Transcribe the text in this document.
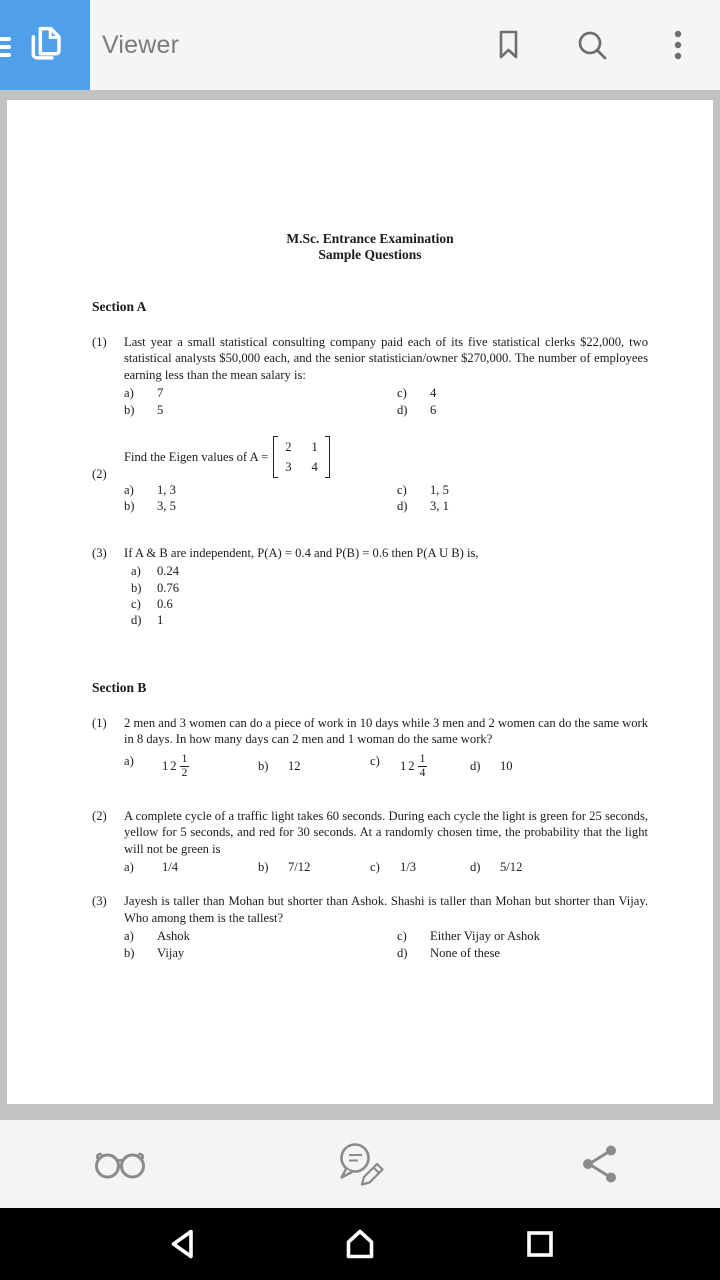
Viewer
M.Sc. Entrance Examination
Sample Questions
Section A
(1)	Last year a small statistical consulting company paid each of its five statistical clerks $22,000, two statistical analysts $50,000 each, and the senior statistician/owner $270,000. The number of employees earning less than the mean salary is:
a)	7	c)	4
b)	5	d)	6
(2)
Find the Eigen values of A =
2 1
3 4
a)	1, 3	c)	1, 5
b)	3, 5	d)	3, 1
(3)	If A & B are independent, P(A) = 0.4 and P(B) = 0.6 then P(A U B) is,
a)	0.24
b)	0.76
c)	0.6
d)	1
Section B
(1)	2 men and 3 women can do a piece of work in 10 days while 3 men and 2 women can do the same work in 8 days. In how many days can 2 men and 1 woman do the same work?
a)	$12 \frac{1}{2}$	b)	12	c)	$12 \frac{1}{4}$	d)	10
(2)	A complete cycle of a traffic light takes 60 seconds. During each cycle the light is green for 25 seconds, yellow for 5 seconds, and red for 30 seconds. At a randomly chosen time, the probability that the light will not be green is
a)	1/4	b)	7/12	c)	1/3	d)	5/12
(3)	Jayesh is taller than Mohan but shorter than Ashok. Shashi is taller than Mohan but shorter than Vijay. Who among them is the tallest?
a)	Ashok	c)	Either Vijay or Ashok
b)	Vijay	d)	None of these
